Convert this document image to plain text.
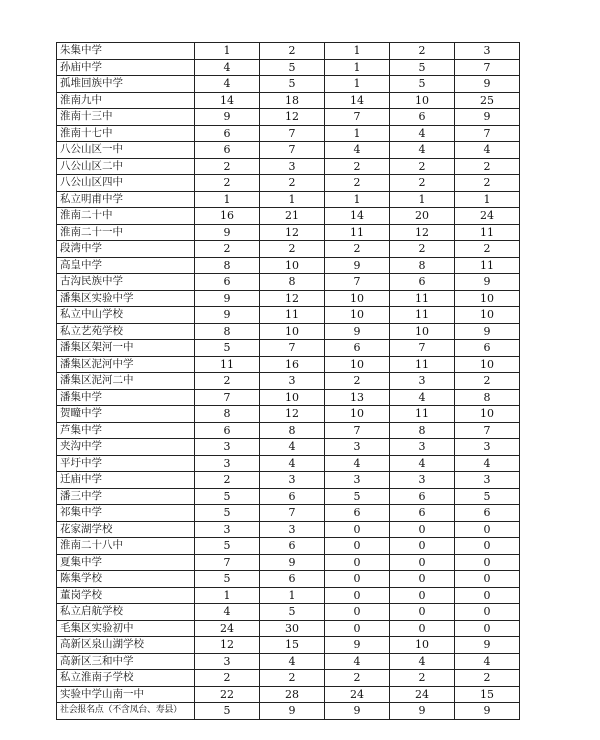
朱集中学	1	2	1	2	3
孙庙中学	4	5	1	5	7
孤堆回族中学	4	5	1	5	9
淮南九中	14	18	14	10	25
淮南十三中	9	12	7	6	9
淮南十七中	6	7	1	4	7
八公山区一中	6	7	4	4	4
八公山区二中	2	3	2	2	2
八公山区四中	2	2	2	2	2
私立明甫中学	1	1	1	1	1
淮南二十中	16	21	14	20	24
淮南二十一中	9	12	11	12	11
段湾中学	2	2	2	2	2
高皇中学	8	10	9	8	11
古沟民族中学	6	8	7	6	9
潘集区实验中学	9	12	10	11	10
私立中山学校	9	11	10	11	10
私立艺苑学校	8	10	9	10	9
潘集区架河一中	5	7	6	7	6
潘集区泥河中学	11	16	10	11	10
潘集区泥河二中	2	3	2	3	2
潘集中学	7	10	13	4	8
贺疃中学	8	12	10	11	10
芦集中学	6	8	7	8	7
夹沟中学	3	4	3	3	3
平圩中学	3	4	4	4	4
迁庙中学	2	3	3	3	3
潘三中学	5	6	5	6	5
祁集中学	5	7	6	6	6
花家湖学校	3	3	0	0	0
淮南二十八中	5	6	0	0	0
夏集中学	7	9	0	0	0
陈集学校	5	6	0	0	0
董岗学校	1	1	0	0	0
私立启航学校	4	5	0	0	0
毛集区实验初中	24	30	0	0	0
高新区泉山湖学校	12	15	9	10	9
高新区三和中学	3	4	4	4	4
私立淮南子学校	2	2	2	2	2
实验中学山南一中	22	28	24	24	15
社会报名点（不含凤台、寿县）	5	9	9	9	9
